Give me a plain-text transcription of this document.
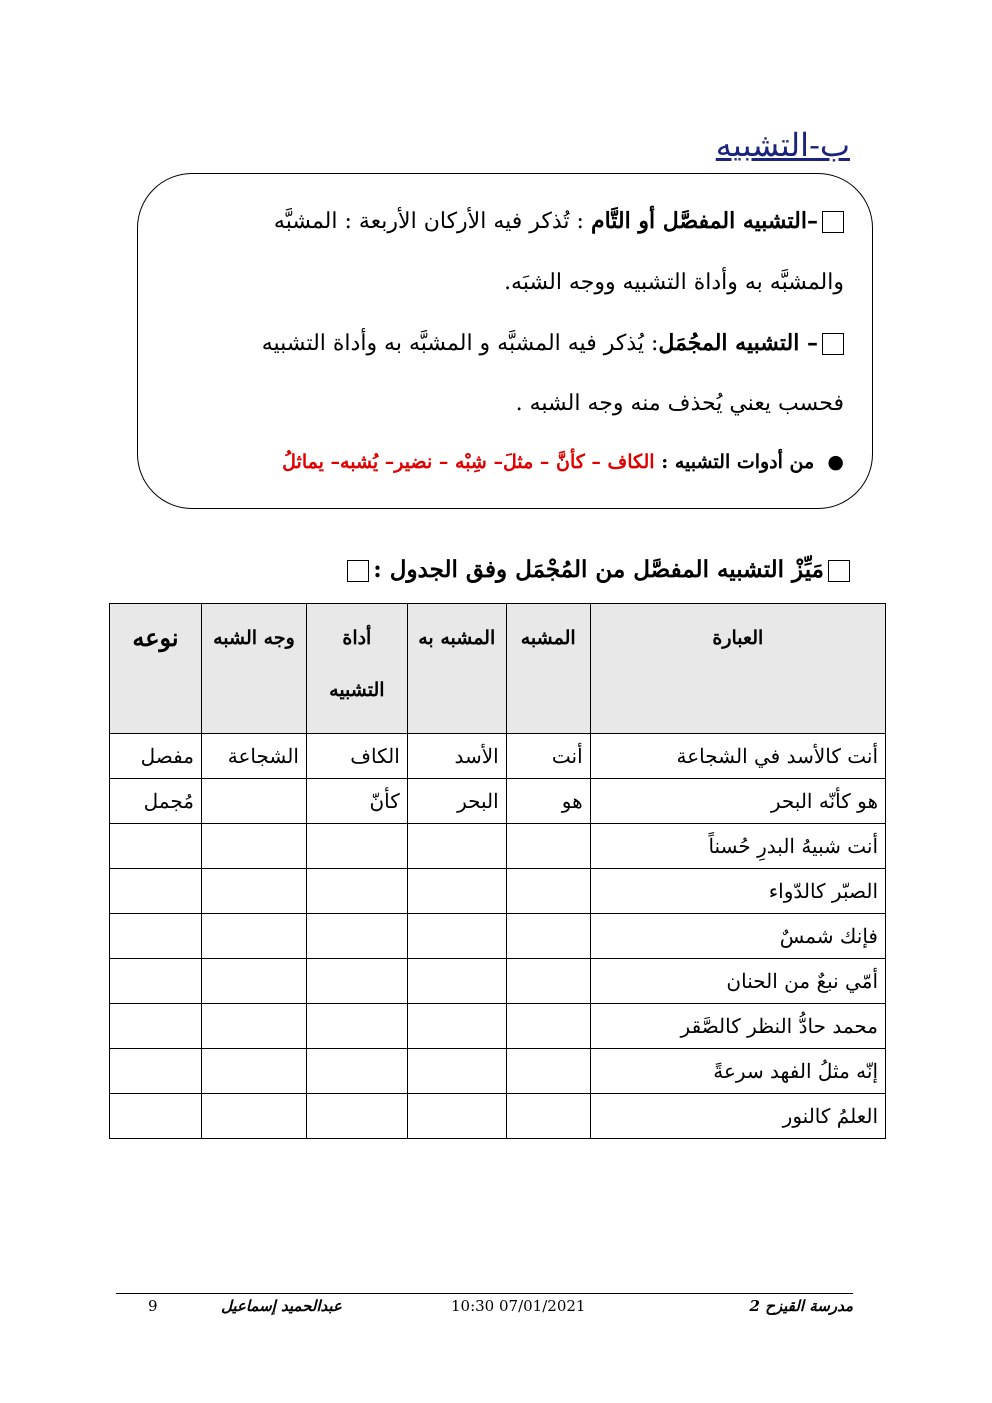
ب-التشبيه
–التشبيه المفصَّل أو التَّام : تُذكر فيه الأركان الأربعة : المشبَّه
والمشبَّه به وأداة التشبيه ووجه الشبَه.
– التشبيه المجُمَل: يُذكر فيه المشبَّه و المشبَّه به وأداة التشبيه
فحسب يعني يُحذف منه وجه الشبه .
●  من أدوات التشبيه : الكاف – كأنَّ – مثلَ– شِبْه – نضير– يُشبه– يماثلُ
مَيِّزْ التشبيه المفصَّل من المُجْمَل وفق الجدول :
العبارة	المشبه	المشبه به	أداة التشبيه	وجه الشبه	نوعه
أنت كالأسد في الشجاعة	أنت	الأسد	الكاف	الشجاعة	مفصل
هو كأنّه البحر	هو	البحر	كأنّ		مُجمل
أنت شبيهُ البدرِ حُسناً					
الصبّر كالدّواء					
فإنك شمسٌ					
أمّي نبعٌ من الحنان					
محمد حادُّ النظر كالصَّقر					
إنّه مثلُ الفهد سرعةً					
العلمُ كالنور					
مدرسة القيزح 2
10:30 07/01/2021
عبدالحميد إسماعيل
9
